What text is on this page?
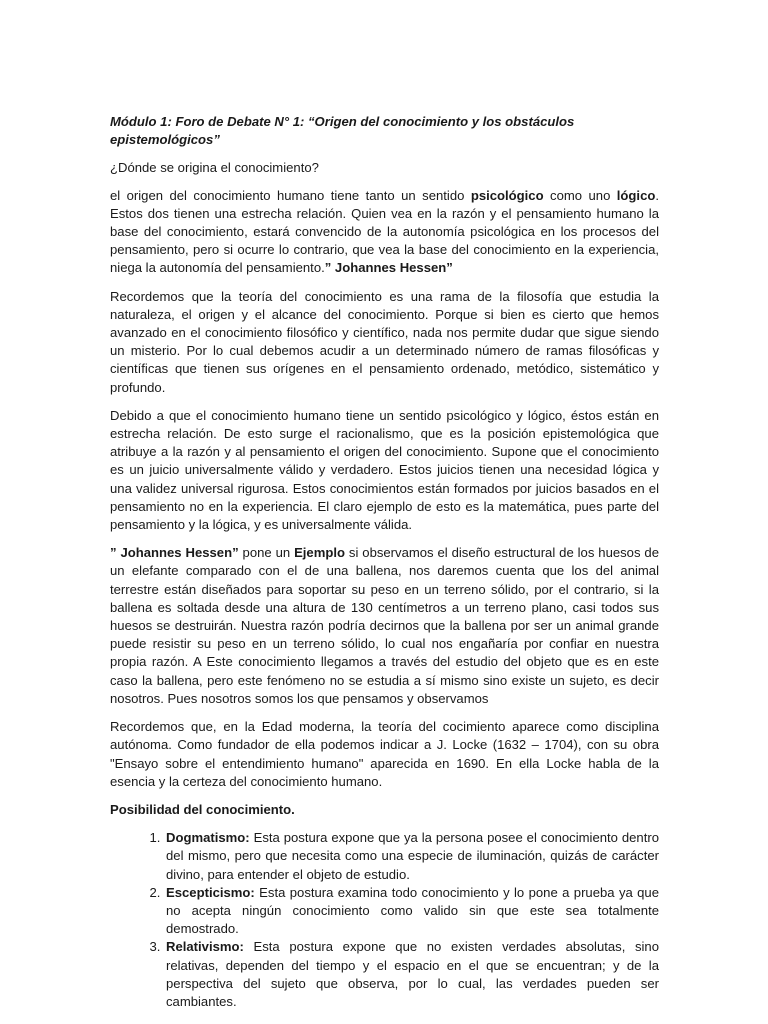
Módulo 1: Foro de Debate N° 1: “Origen del conocimiento y los obstáculos epistemológicos”

¿Dónde se origina el conocimiento?

el origen del conocimiento humano tiene tanto un sentido psicológico como uno lógico. Estos dos tienen una estrecha relación. Quien vea en la razón y el pensamiento humano la base del conocimiento, estará convencido de la autonomía psicológica en los procesos del pensamiento, pero si ocurre lo contrario, que vea la base del conocimiento en la experiencia, niega la autonomía del pensamiento.” Johannes Hessen”

Recordemos que la teoría del conocimiento es una rama de la filosofía que estudia la naturaleza, el origen y el alcance del conocimiento. Porque si bien es cierto que hemos avanzado en el conocimiento filosófico y científico, nada nos permite dudar que sigue siendo un misterio. Por lo cual debemos acudir a un determinado número de ramas filosóficas y científicas que tienen sus orígenes en el pensamiento ordenado, metódico, sistemático y profundo.

Debido a que el conocimiento humano tiene un sentido psicológico y lógico, éstos están en estrecha relación. De esto surge el racionalismo, que es la posición epistemológica que atribuye a la razón y al pensamiento el origen del conocimiento. Supone que el conocimiento es un juicio universalmente válido y verdadero. Estos juicios tienen una necesidad lógica y una validez universal rigurosa. Estos conocimientos están formados por juicios basados en el pensamiento no en la experiencia. El claro ejemplo de esto es la matemática, pues parte del pensamiento y la lógica, y es universalmente válida.

” Johannes Hessen” pone un Ejemplo si observamos el diseño estructural de los huesos de un elefante comparado con el de una ballena, nos daremos cuenta que los del animal terrestre están diseñados para soportar su peso en un terreno sólido, por el contrario, si la ballena es soltada desde una altura de 130 centímetros a un terreno plano, casi todos sus huesos se destruirán. Nuestra razón podría decirnos que la ballena por ser un animal grande puede resistir su peso en un terreno sólido, lo cual nos engañaría por confiar en nuestra propia razón. A Este conocimiento llegamos a través del estudio del objeto que es en este caso la ballena, pero este fenómeno no se estudia a sí mismo sino existe un sujeto, es decir nosotros. Pues nosotros somos los que pensamos y observamos

Recordemos que, en la Edad moderna, la teoría del cocimiento aparece como disciplina autónoma. Como fundador de ella podemos indicar a J. Locke (1632 – 1704), con su obra "Ensayo sobre el entendimiento humano" aparecida en 1690. En ella Locke habla de la esencia y la certeza del conocimiento humano.

Posibilidad del conocimiento.
1. Dogmatismo: Esta postura expone que ya la persona posee el conocimiento dentro del mismo, pero que necesita como una especie de iluminación, quizás de carácter divino, para entender el objeto de estudio.
2. Escepticismo: Esta postura examina todo conocimiento y lo pone a prueba ya que no acepta ningún conocimiento como valido sin que este sea totalmente demostrado.
3. Relativismo: Esta postura expone que no existen verdades absolutas, sino relativas, dependen del tiempo y el espacio en el que se encuentran; y de la perspectiva del sujeto que observa, por lo cual, las verdades pueden ser cambiantes.
